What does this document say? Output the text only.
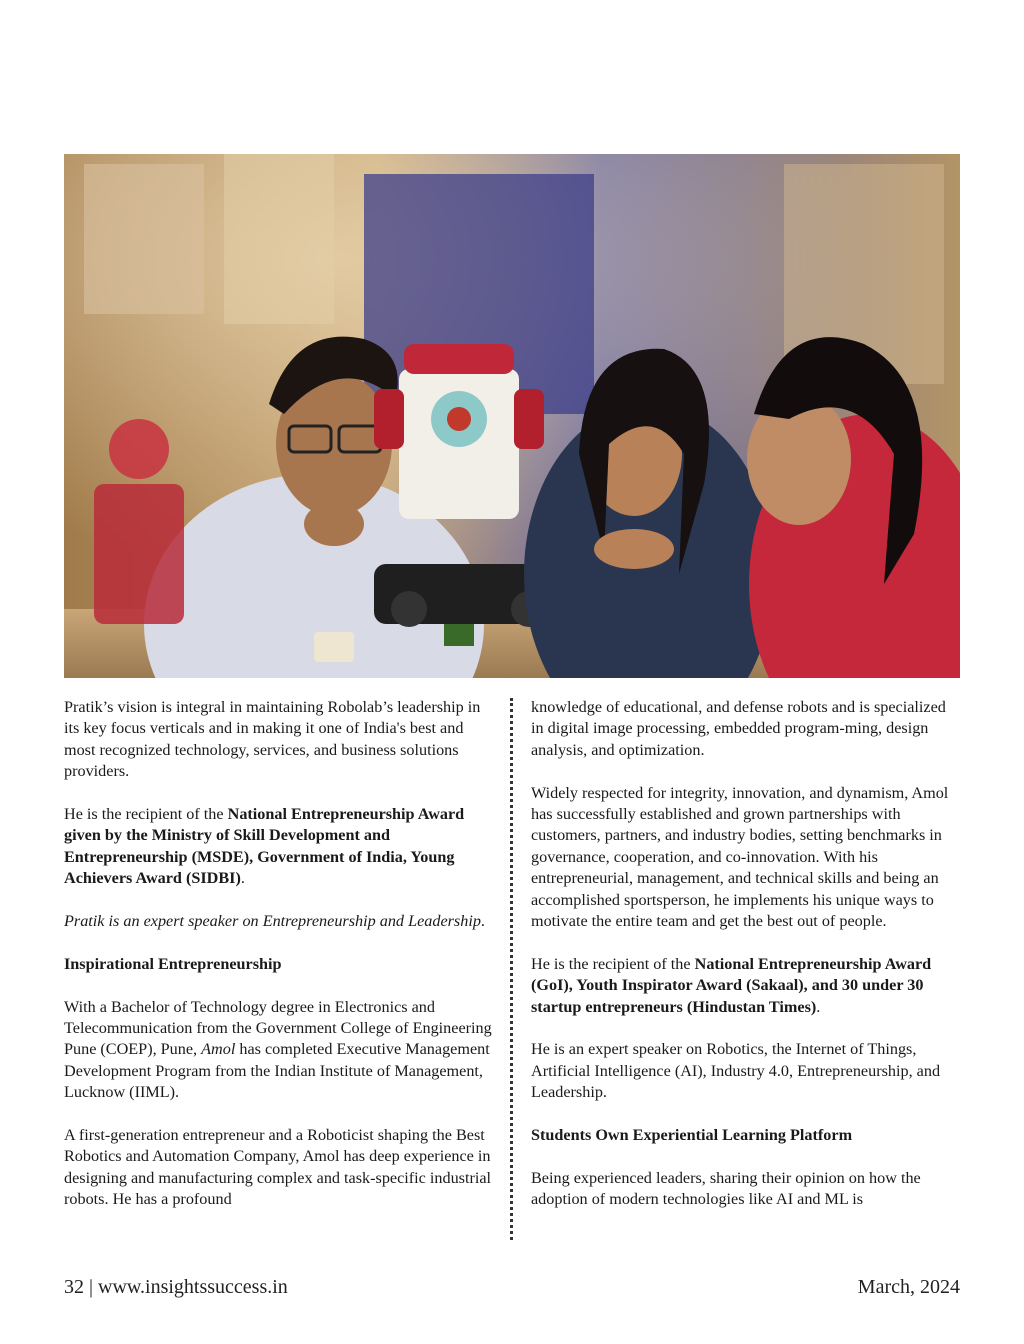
Pratik’s vision is integral in maintaining Robolab’s leadership in its key focus verticals and in making it one of India's best and most recognized technology, services, and business solutions providers.

He is the recipient of the National Entrepreneurship Award given by the Ministry of Skill Development and Entrepreneurship (MSDE), Government of India, Young Achievers Award (SIDBI).

Pratik is an expert speaker on Entrepreneurship and Leadership.

Inspirational Entrepreneurship

With a Bachelor of Technology degree in Electronics and Telecommunication from the Government College of Engineering Pune (COEP), Pune, Amol has completed Executive Management Development Program from the Indian Institute of Management, Lucknow (IIML).

A first-generation entrepreneur and a Roboticist shaping the Best Robotics and Automation Company, Amol has deep experience in designing and manufacturing complex and task-specific industrial robots. He has a profound

knowledge of educational, and defense robots and is specialized in digital image processing, embedded program-ming, design analysis, and optimization.

Widely respected for integrity, innovation, and dynamism, Amol has successfully established and grown partnerships with customers, partners, and industry bodies, setting benchmarks in governance, cooperation, and co-innovation. With his entrepreneurial, management, and technical skills and being an accomplished sportsperson, he implements his unique ways to motivate the entire team and get the best out of people.

He is the recipient of the National Entrepreneurship Award (GoI), Youth Inspirator Award (Sakaal), and 30 under 30 startup entrepreneurs (Hindustan Times).

He is an expert speaker on Robotics, the Internet of Things, Artificial Intelligence (AI), Industry 4.0, Entrepreneurship, and Leadership.

Students Own Experiential Learning Platform

Being experienced leaders, sharing their opinion on how the adoption of modern technologies like AI and ML is

32 | www.insightssuccess.in	March, 2024
